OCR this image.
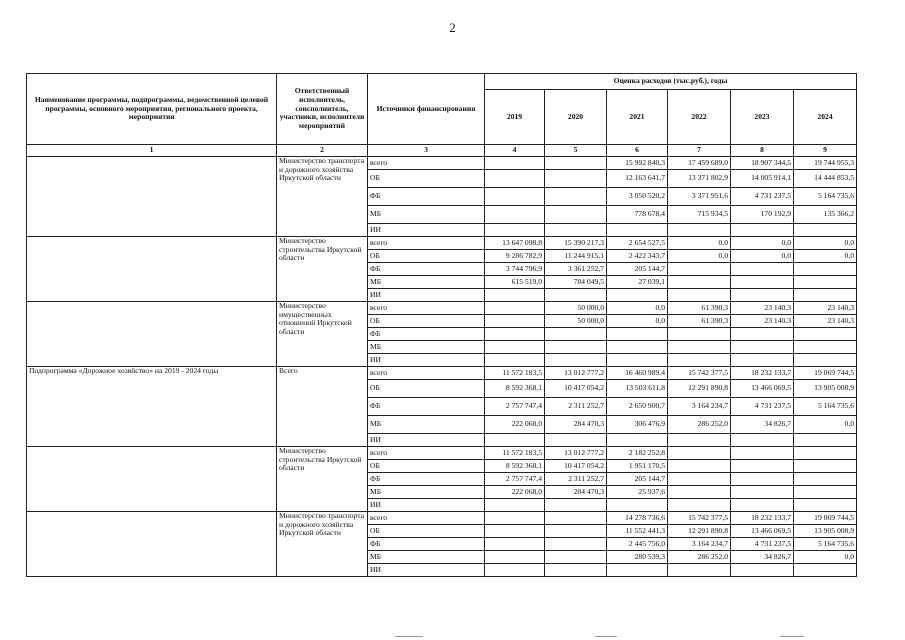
2
Наименование программы, подпрограммы, ведомственной целевой программы, основного мероприятия, регионального проекта, мероприятия	Ответственный исполнитель, соисполнитель, участники, исполнители мероприятий	Источники финансирования	Оценка расходов (тыс.руб.), годы					
			2019	2020	2021	2022	2023	2024
1	2	3	4	5	6	7	8	9
	Министерство транспорта и дорожного хозяйства Иркутской области	всего			15 992 840,3	17 459 689,0	18 907 344,5	19 744 955,3
		ОБ			12 163 641,7	13 371 802,9	14 005 914,1	14 444 853,5
		ФБ			3 050 520,2	3 371 951,6	4 731 237,5	5 164 735,6
		МБ			778 678,4	715 934,5	170 192,9	135 366,2
		ИИ						
	Министерство строительства Иркутской области	всего	13 647 098,8	15 390 217,3	2 654 527,5	0,0	0,0	0,0
		ОБ	9 286 782,9	11 244 915,1	2 422 343,7	0,0	0,0	0,0
		ФБ	3 744 796,9	3 361 252,7	205 144,7			
		МБ	615 519,0	784 049,5	27 039,1			
		ИИ						
	Министерство имущественных отношений Иркутской области	всего		50 000,0	0,0	61 390,3	23 140,3	23 140,3
		ОБ		50 000,0	0,0	61 390,3	23 140,3	23 140,3
		ФБ						
		МБ						
		ИИ						
Подпрограмма «Дорожное хозяйство» на 2019 - 2024 годы	Всего	всего	11 572 183,5	13 012 777,2	16 460 989,4	15 742 377,5	18 232 133,7	19 069 744,5
		ОБ	8 592 368,1	10 417 054,2	13 503 611,8	12 291 890,8	13 466 069,5	13 905 008,9
		ФБ	2 757 747,4	2 311 252,7	2 650 900,7	3 164 234,7	4 731 237,5	5 164 735,6
		МБ	222 068,0	284 470,3	306 476,9	286 252,0	34 826,7	0,0
		ИИ						
	Министерство строительства Иркутской области	всего	11 572 183,5	13 012 777,2	2 182 252,8			
		ОБ	8 592 368,1	10 417 054,2	1 951 170,5			
		ФБ	2 757 747,4	2 311 252,7	205 144,7			
		МБ	222 068,0	284 470,3	25 937,6			
		ИИ						
	Министерство транспорта и дорожного хозяйства Иркутской области	всего			14 278 736,6	15 742 377,5	18 232 133,7	19 069 744,5
		ОБ			11 552 441,3	12 291 890,8	13 466 069,5	13 905 008,9
		ФБ			2 445 756,0	3 164 234,7	4 731 237,5	5 164 735,6
		МБ			280 539,3	286 252,0	34 826,7	0,0
		ИИ						
